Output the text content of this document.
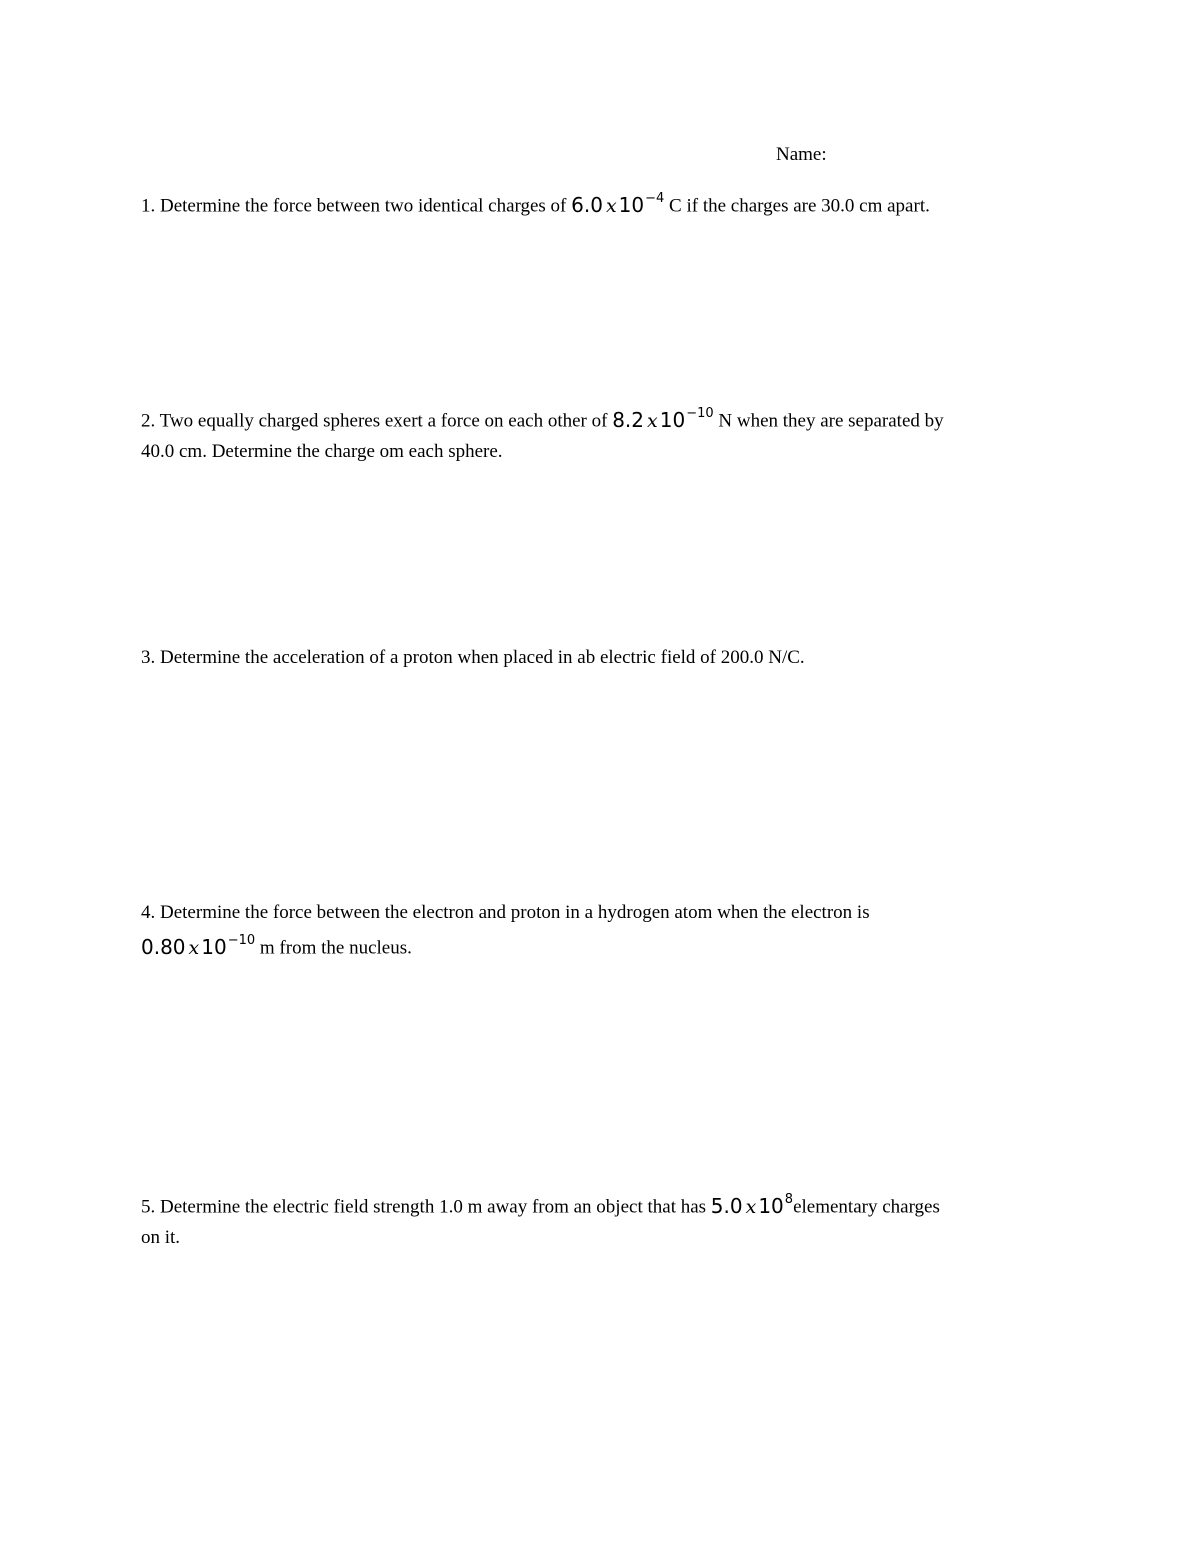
Name:
1. Determine the force between two identical charges of 6.0 x $10^{-4}$ C if the charges are 30.0 cm apart.
2. Two equally charged spheres exert a force on each other of 8.2 x $10^{-10}$ N when they are separated by
40.0 cm. Determine the charge om each sphere.
3. Determine the acceleration of a proton when placed in ab electric field of 200.0 N/C.
4. Determine the force between the electron and proton in a hydrogen atom when the electron is
0.80 x $10^{-10}$ m from the nucleus.
5. Determine the electric field strength 1.0 m away from an object that has 5.0 x $10^8elementary$ charges
on it.
